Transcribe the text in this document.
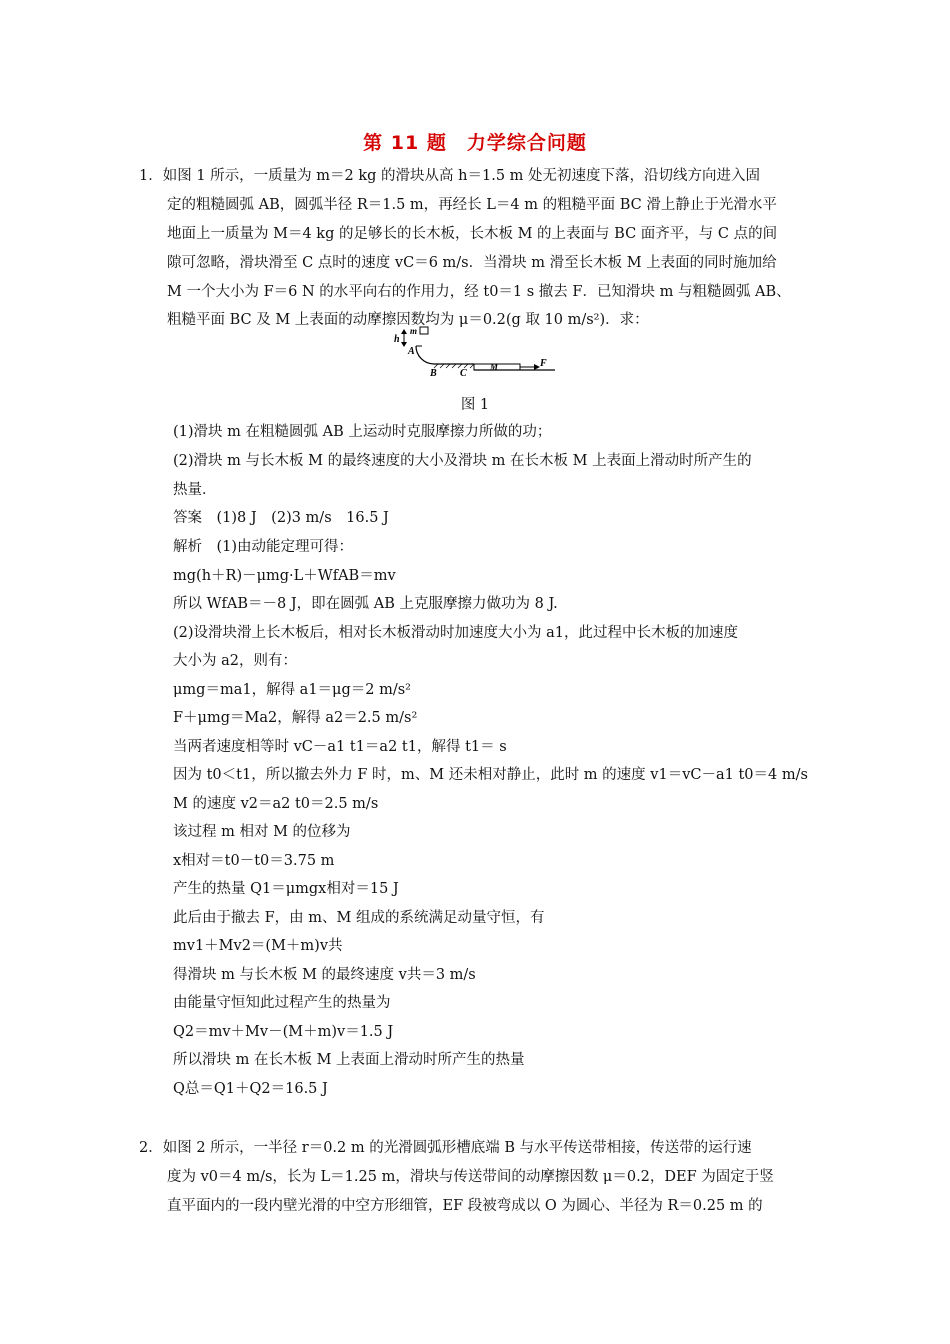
第 11 题　力学综合问题
1．如图 1 所示，一质量为 m＝2 kg 的滑块从高 h＝1.5 m 处无初速度下落，沿切线方向进入固
定的粗糙圆弧 AB，圆弧半径 R＝1.5 m，再经长 L＝4 m 的粗糙平面 BC 滑上静止于光滑水平
地面上一质量为 M＝4 kg 的足够长的长木板，长木板 M 的上表面与 BC 面齐平，与 C 点的间
隙可忽略，滑块滑至 C 点时的速度 vC＝6 m/s．当滑块 m 滑至长木板 M 上表面的同时施加给
M 一个大小为 F＝6 N 的水平向右的作用力，经 t0＝1 s 撤去 F．已知滑块 m 与粗糙圆弧 AB、
粗糙平面 BC 及 M 上表面的动摩擦因数均为 μ＝0.2(g 取 10 m/s²)．求：
h
m
A
B C
M	F
图 1
(1)滑块 m 在粗糙圆弧 AB 上运动时克服摩擦力所做的功；
(2)滑块 m 与长木板 M 的最终速度的大小及滑块 m 在长木板 M 上表面上滑动时所产生的
热量．
答案　(1)8 J　(2)3 m/s　16.5 J
解析　(1)由动能定理可得：
mg(h＋R)－μmg·L＋WfAB＝mv
所以 WfAB＝－8 J，即在圆弧 AB 上克服摩擦力做功为 8 J.
(2)设滑块滑上长木板后，相对长木板滑动时加速度大小为 a1，此过程中长木板的加速度
大小为 a2，则有：
μmg＝ma1，解得 a1＝μg＝2 m/s²
F＋μmg＝Ma2，解得 a2＝2.5 m/s²
当两者速度相等时 vC－a1 t1＝a2 t1，解得 t1＝ s
因为 t0＜t1，所以撤去外力 F 时，m、M 还未相对静止，此时 m 的速度 v1＝vC－a1 t0＝4 m/s
M 的速度 v2＝a2 t0＝2.5 m/s
该过程 m 相对 M 的位移为
x相对＝t0－t0＝3.75 m
产生的热量 Q1＝μmgx相对＝15 J
此后由于撤去 F，由 m、M 组成的系统满足动量守恒，有
mv1＋Mv2＝(M＋m)v共
得滑块 m 与长木板 M 的最终速度 v共＝3 m/s
由能量守恒知此过程产生的热量为
Q2＝mv＋Mv－(M＋m)v＝1.5 J
所以滑块 m 在长木板 M 上表面上滑动时所产生的热量
Q总＝Q1＋Q2＝16.5 J
2．如图 2 所示，一半径 r＝0.2 m 的光滑圆弧形槽底端 B 与水平传送带相接，传送带的运行速
度为 v0＝4 m/s，长为 L＝1.25 m，滑块与传送带间的动摩擦因数 μ＝0.2，DEF 为固定于竖
直平面内的一段内壁光滑的中空方形细管，EF 段被弯成以 O 为圆心、半径为 R＝0.25 m 的
